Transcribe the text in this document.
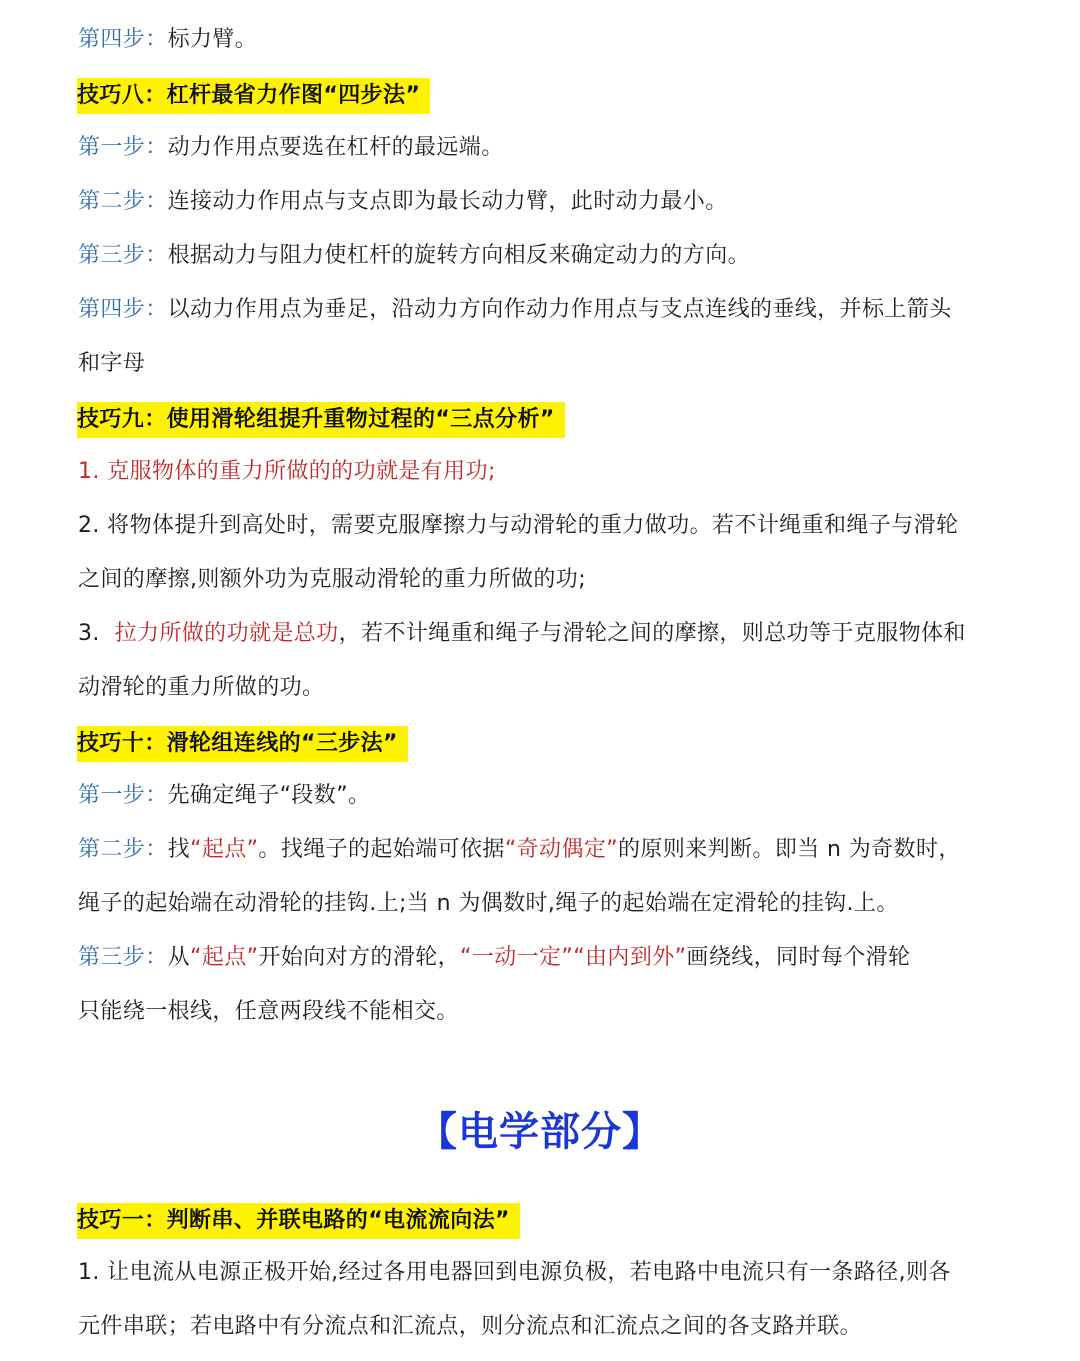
第四步：标力臂。
技巧八：杠杆最省力作图“四步法”
第一步：动力作用点要选在杠杆的最远端。
第二步：连接动力作用点与支点即为最长动力臂，此时动力最小。
第三步：根据动力与阻力使杠杆的旋转方向相反来确定动力的方向。
第四步：以动力作用点为垂足，沿动力方向作动力作用点与支点连线的垂线，并标上箭头
和字母
技巧九：使用滑轮组提升重物过程的“三点分析”
1. 克服物体的重力所做的的功就是有用功;
2. 将物体提升到高处时，需要克服摩擦力与动滑轮的重力做功。若不计绳重和绳子与滑轮
之间的摩擦,则额外功为克服动滑轮的重力所做的功;
3.  拉力所做的功就是总功，若不计绳重和绳子与滑轮之间的摩擦，则总功等于克服物体和
动滑轮的重力所做的功。
技巧十：滑轮组连线的“三步法”
第一步：先确定绳子“段数”。
第二步：找“起点”。找绳子的起始端可依据“奇动偶定”的原则来判断。即当 n 为奇数时，
绳子的起始端在动滑轮的挂钩.上;当 n 为偶数时,绳子的起始端在定滑轮的挂钩.上。
第三步：从“起点”开始向对方的滑轮，“一动一定”“由内到外”画绕线，同时每个滑轮
只能绕一根线，任意两段线不能相交。
【电学部分】
技巧一：判断串、并联电路的“电流流向法”
1. 让电流从电源正极开始,经过各用电器回到电源负极，若电路中电流只有一条路径,则各
元件串联；若电路中有分流点和汇流点，则分流点和汇流点之间的各支路并联。
